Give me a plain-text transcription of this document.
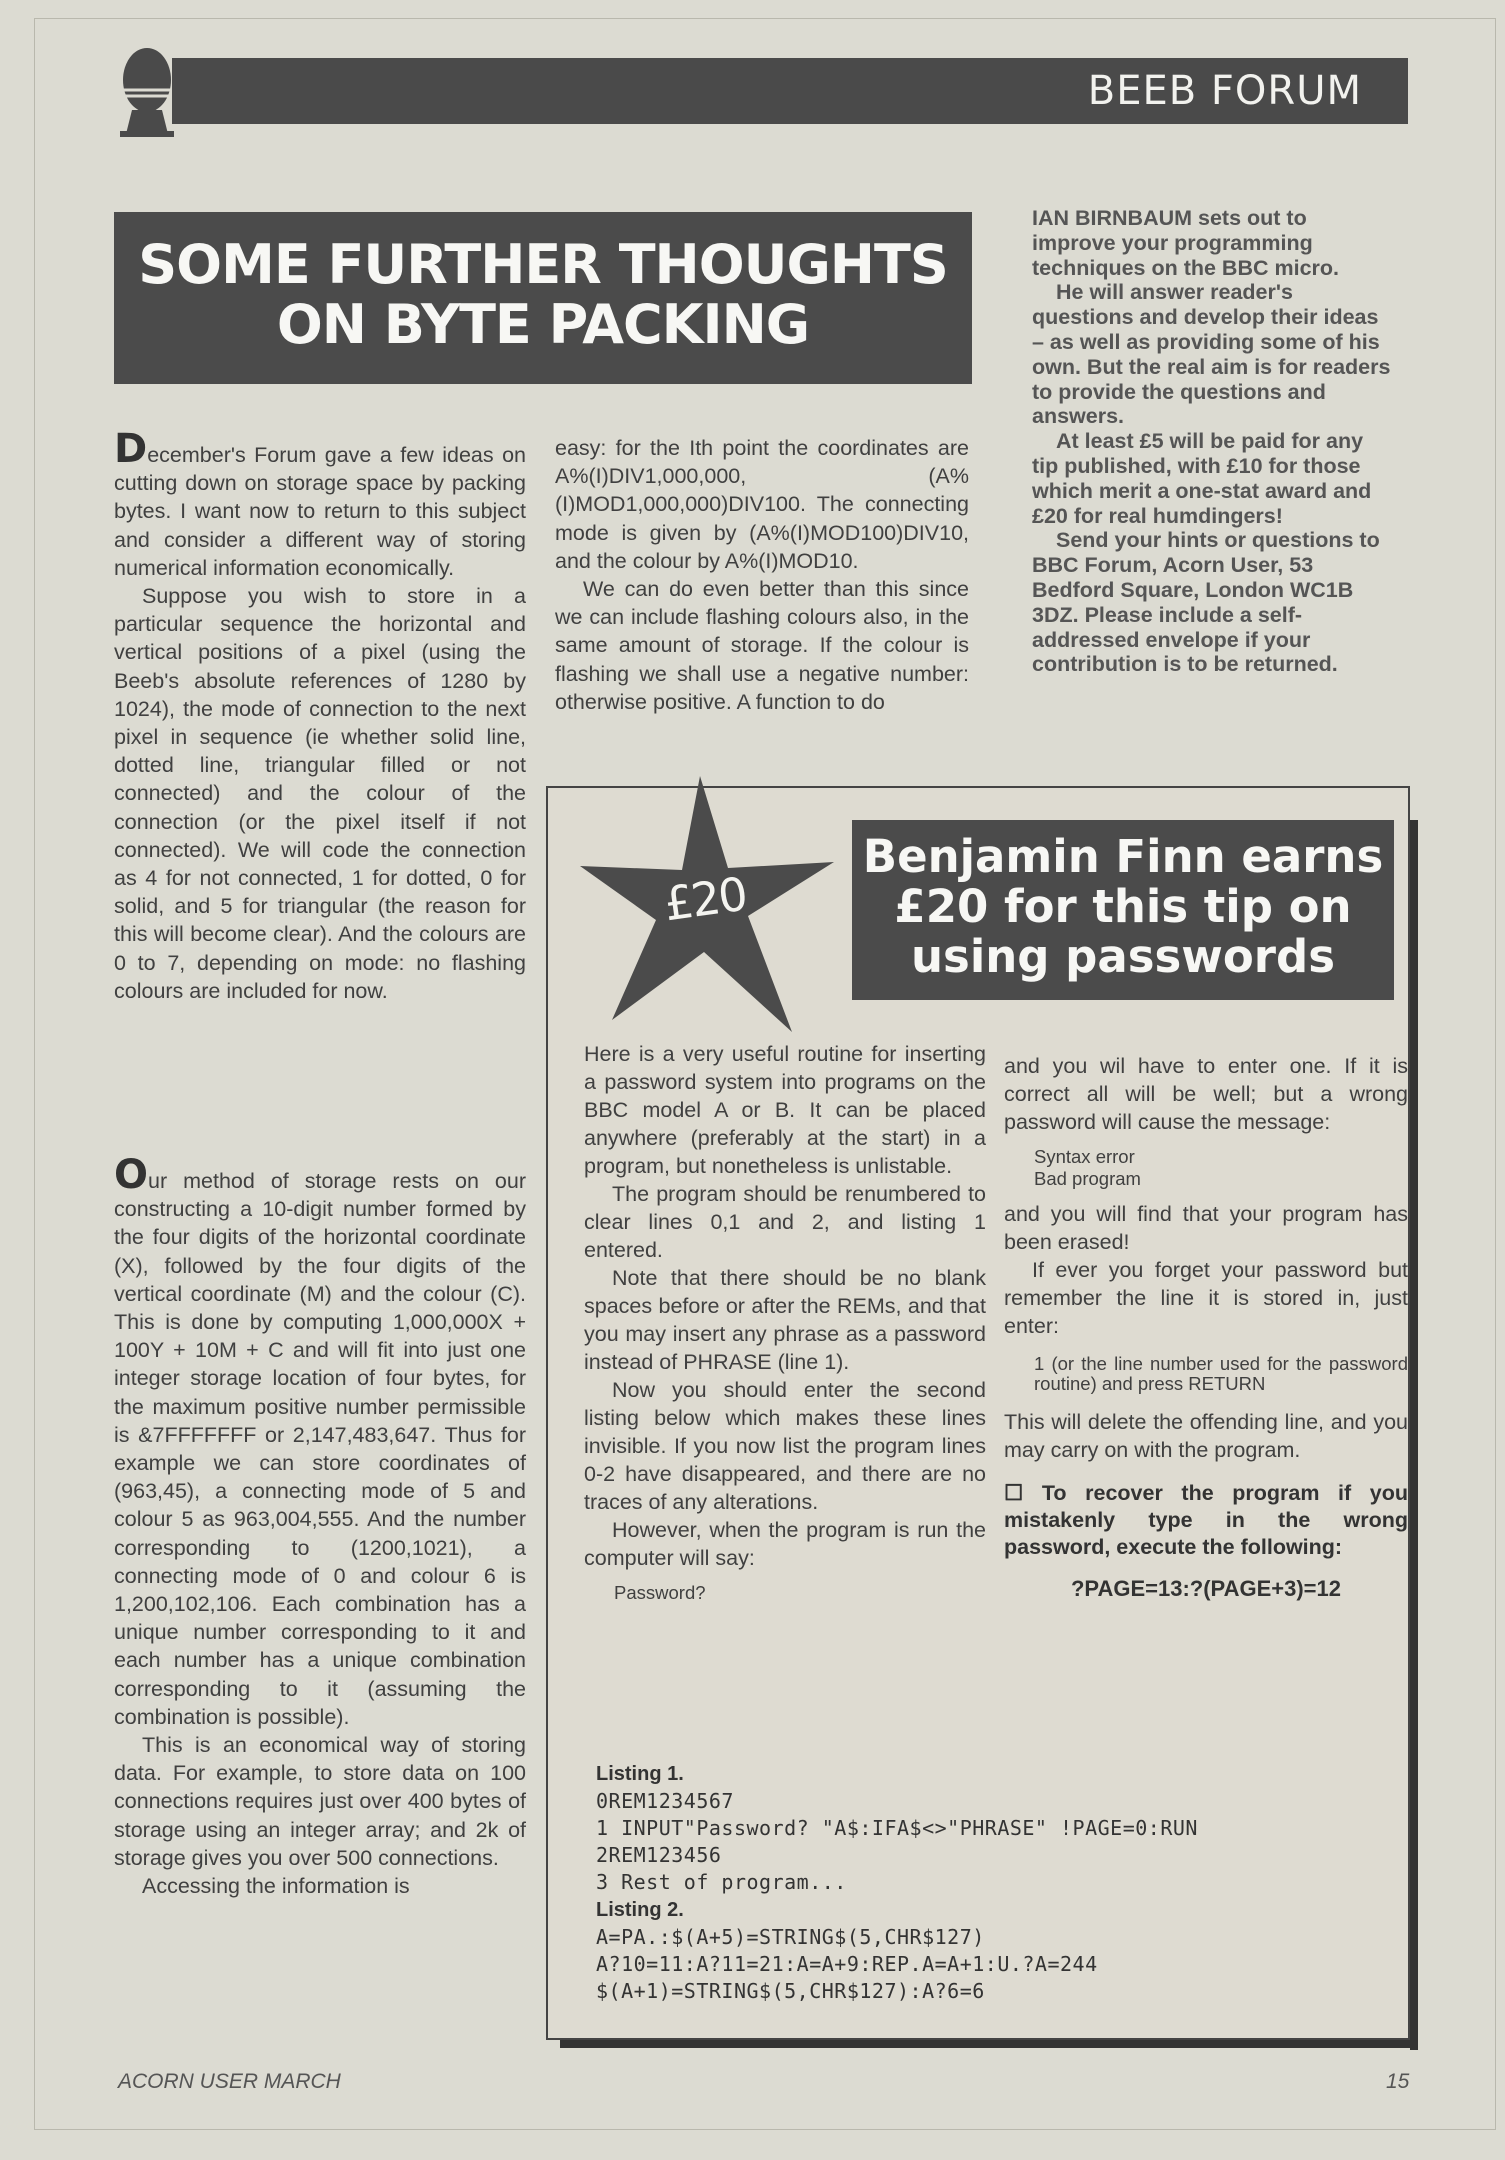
BEEB FORUM
SOME FURTHER THOUGHTS
ON BYTE PACKING

IAN BIRNBAUM sets out to improve your programming techniques on the BBC micro.

He will answer reader's questions and develop their ideas – as well as providing some of his own. But the real aim is for readers to provide the questions and answers.

At least £5 will be paid for any tip published, with £10 for those which merit a one-stat award and £20 for real humdingers!

Send your hints or questions to BBC Forum, Acorn User, 53 Bedford Square, London WC1B 3DZ. Please include a self-addressed envelope if your contribution is to be returned.

December's Forum gave a few ideas on cutting down on storage space by packing bytes. I want now to return to this subject and consider a different way of storing numerical information economically.

Suppose you wish to store in a particular sequence the horizontal and vertical positions of a pixel (using the Beeb's absolute references of 1280 by 1024), the mode of connection to the next pixel in sequence (ie whether solid line, dotted line, triangular filled or not connected) and the colour of the connection (or the pixel itself if not connected). We will code the connection as 4 for not connected, 1 for dotted, 0 for solid, and 5 for triangular (the reason for this will become clear). And the colours are 0 to 7, depending on mode: no flashing colours are included for now.

Our method of storage rests on our constructing a 10-digit number formed by the four digits of the horizontal coordinate (X), followed by the four digits of the vertical coordinate (M) and the colour (C). This is done by computing 1,000,000X + 100Y + 10M + C and will fit into just one integer storage location of four bytes, for the maximum positive number permissible is &7FFFFFFF or 2,147,483,647. Thus for example we can store coordinates of (963,45), a connecting mode of 5 and colour 5 as 963,004,555. And the number corresponding to (1200,1021), a connecting mode of 0 and colour 6 is 1,200,102,106. Each combination has a unique number corresponding to it and each number has a unique combination corresponding to it (assuming the combination is possible).

This is an economical way of storing data. For example, to store data on 100 connections requires just over 400 bytes of storage using an integer array; and 2k of storage gives you over 500 connections.

Accessing the information is

easy: for the Ith point the coordinates are A%(I)DIV1,000,000, (A%(I)MOD1,000,000)DIV100. The connecting mode is given by (A%(I)MOD100)DIV10, and the colour by A%(I)MOD10.

We can do even better than this since we can include flashing colours also, in the same amount of storage. If the colour is flashing we shall use a negative number: otherwise positive. A function to do

£20
Benjamin Finn earns
£20 for this tip on
using passwords

Here is a very useful routine for inserting a password system into programs on the BBC model A or B. It can be placed anywhere (preferably at the start) in a program, but nonetheless is unlistable.

The program should be renumbered to clear lines 0,1 and 2, and listing 1 entered.

Note that there should be no blank spaces before or after the REMs, and that you may insert any phrase as a password instead of PHRASE (line 1).

Now you should enter the second listing below which makes these lines invisible. If you now list the program lines 0-2 have disappeared, and there are no traces of any alterations.

However, when the program is run the computer will say:

Password?

and you wil have to enter one. If it is correct all will be well; but a wrong password will cause the message:

Syntax error
Bad program

and you will find that your program has been erased!

If ever you forget your password but remember the line it is stored in, just enter:

1 (or the line number used for the password routine) and press RETURN

This will delete the offending line, and you may carry on with the program.

☐ To recover the program if you mistakenly type in the wrong password, execute the following:

?PAGE=13:?(PAGE+3)=12

Listing 1.
0REM1234567
1 INPUT"Password? "A$:IFA$<>"PHRASE" !PAGE=0:RUN
2REM123456
3 Rest of program...
Listing 2.
A=PA.:$(A+5)=STRING$(5,CHR$127)
A?10=11:A?11=21:A=A+9:REP.A=A+1:U.?A=244
$(A+1)=STRING$(5,CHR$127):A?6=6
ACORN USER MARCH	15
